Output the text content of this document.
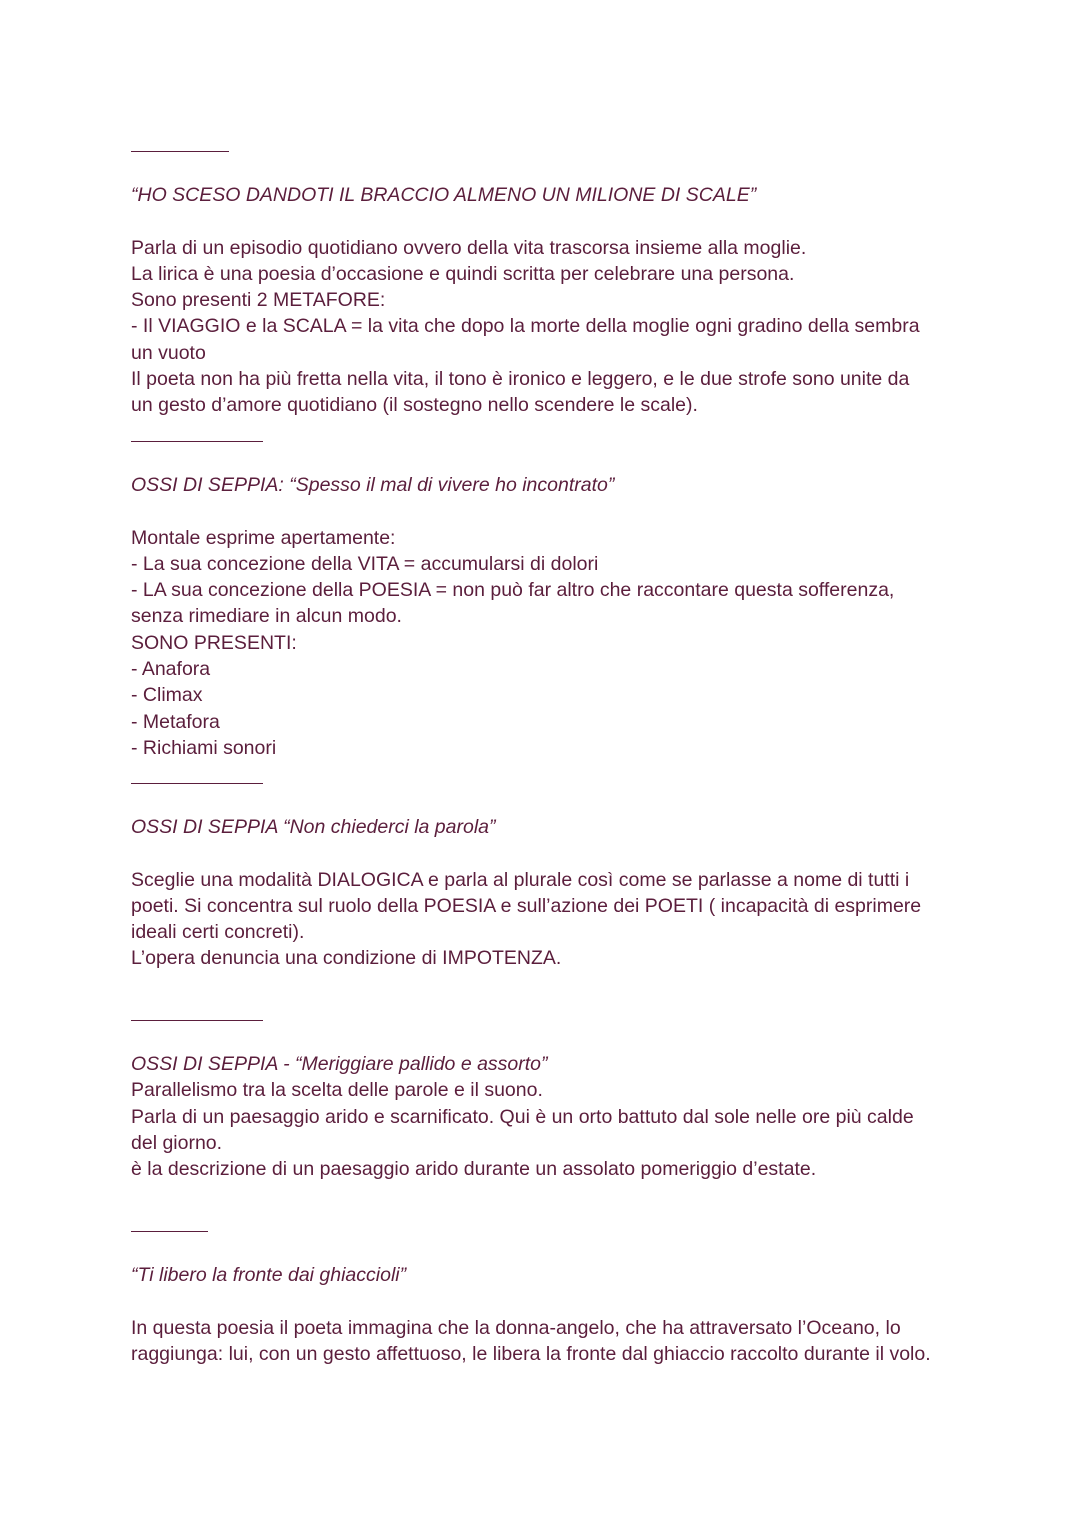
“HO SCESO DANDOTI IL BRACCIO ALMENO UN MILIONE DI SCALE”
Parla di un episodio quotidiano ovvero della vita trascorsa insieme alla moglie.
La lirica è una poesia d’occasione e quindi scritta per celebrare una persona.
Sono presenti 2 METAFORE:
- Il VIAGGIO e la SCALA = la vita che dopo la morte della moglie ogni gradino della sembra
un vuoto
Il poeta non ha più fretta nella vita, il tono è ironico e leggero, e le due strofe sono unite da
un gesto d’amore quotidiano (il sostegno nello scendere le scale).
OSSI DI SEPPIA: “Spesso il mal di vivere ho incontrato”
Montale esprime apertamente:
- La sua concezione della VITA = accumularsi di dolori
- LA sua concezione della POESIA = non può far altro che raccontare questa sofferenza,
senza rimediare in alcun modo.
SONO PRESENTI:
- Anafora
- Climax
- Metafora
- Richiami sonori
OSSI DI SEPPIA “Non chiederci la parola”
Sceglie una modalità DIALOGICA e parla al plurale così come se parlasse a nome di tutti i
poeti. Si concentra sul ruolo della POESIA e sull’azione dei POETI ( incapacità di esprimere
ideali certi concreti).
L’opera denuncia una condizione di IMPOTENZA.
OSSI DI SEPPIA - “Meriggiare pallido e assorto”
Parallelismo tra la scelta delle parole e il suono.
Parla di un paesaggio arido e scarnificato. Qui è un orto battuto dal sole nelle ore più calde
del giorno.
è la descrizione di un paesaggio arido durante un assolato pomeriggio d’estate.
“Ti libero la fronte dai ghiaccioli”
In questa poesia il poeta immagina che la donna-angelo, che ha attraversato l’Oceano, lo
raggiunga: lui, con un gesto affettuoso, le libera la fronte dal ghiaccio raccolto durante il volo.
